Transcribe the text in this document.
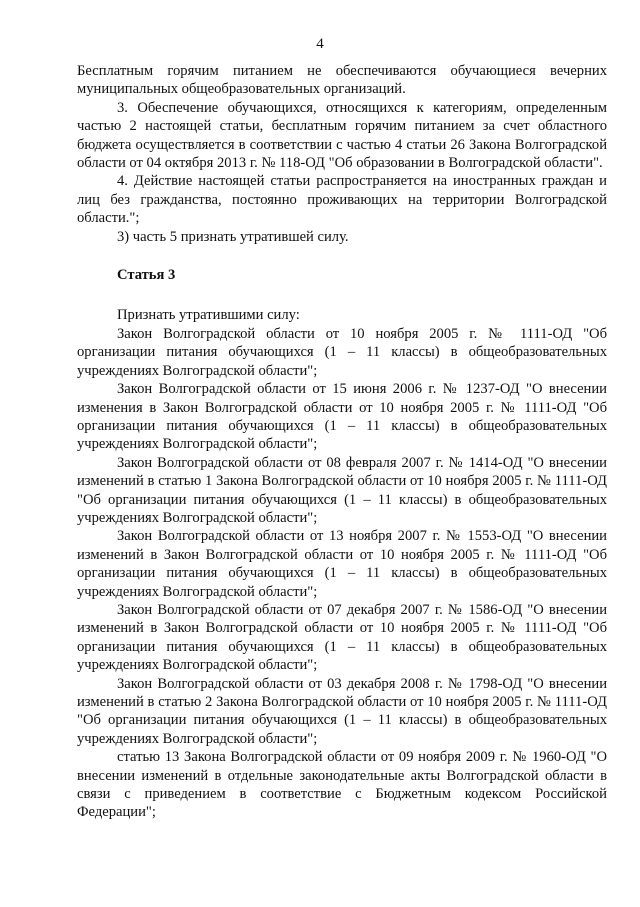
4

Бесплатным горячим питанием не обеспечиваются обучающиеся вечерних муниципальных общеобразовательных организаций.

3. Обеспечение обучающихся, относящихся к категориям, определенным частью 2 настоящей статьи, бесплатным горячим питанием за счет областного бюджета осуществляется в соответствии с частью 4 статьи 26 Закона Волгоградской области от 04 октября 2013 г. № 118-ОД "Об образовании в Волгоградской области".

4. Действие настоящей статьи распространяется на иностранных граждан и лиц без гражданства, постоянно проживающих на территории Волгоградской области.";

3) часть 5 признать утратившей силу.

Статья 3

Признать утратившими силу:

Закон Волгоградской области от 10 ноября 2005 г. № 1111-ОД "Об организации питания обучающихся (1 – 11 классы) в общеобразовательных учреждениях Волгоградской области";

Закон Волгоградской области от 15 июня 2006 г. № 1237-ОД "О внесении изменения в Закон Волгоградской области от 10 ноября 2005 г. № 1111-ОД "Об организации питания обучающихся (1 – 11 классы) в общеобразовательных учреждениях Волгоградской области";

Закон Волгоградской области от 08 февраля 2007 г. № 1414-ОД "О внесении изменений в статью 1 Закона Волгоградской области от 10 ноября 2005 г. № 1111-ОД "Об организации питания обучающихся (1 – 11 классы) в общеобразовательных учреждениях Волгоградской области";

Закон Волгоградской области от 13 ноября 2007 г. № 1553-ОД "О внесении изменений в Закон Волгоградской области от 10 ноября 2005 г. № 1111-ОД "Об организации питания обучающихся (1 – 11 классы) в общеобразовательных учреждениях Волгоградской области";

Закон Волгоградской области от 07 декабря 2007 г. № 1586-ОД "О внесении изменений в Закон Волгоградской области от 10 ноября 2005 г. № 1111-ОД "Об организации питания обучающихся (1 – 11 классы) в общеобразовательных учреждениях Волгоградской области";

Закон Волгоградской области от 03 декабря 2008 г. № 1798-ОД "О внесении изменений в статью 2 Закона Волгоградской области от 10 ноября 2005 г. № 1111-ОД "Об организации питания обучающихся (1 – 11 классы) в общеобразовательных учреждениях Волгоградской области";

статью 13 Закона Волгоградской области от 09 ноября 2009 г. № 1960-ОД "О внесении изменений в отдельные законодательные акты Волгоградской области в связи с приведением в соответствие с Бюджетным кодексом Российской Федерации";
